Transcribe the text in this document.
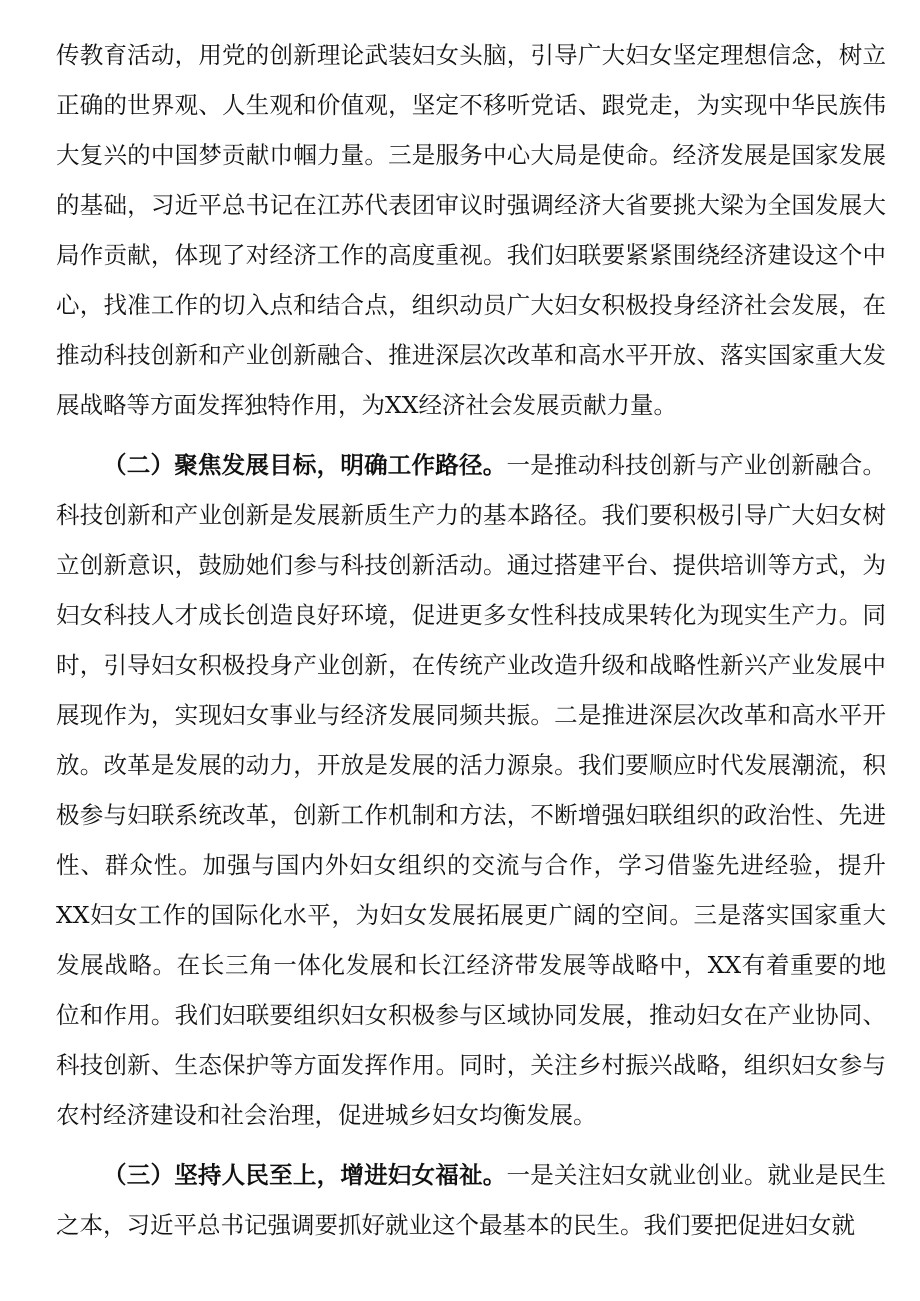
传教育活动，用党的创新理论武装妇女头脑，引导广大妇女坚定理想信念，树立正确的世界观、人生观和价值观，坚定不移听党话、跟党走，为实现中华民族伟大复兴的中国梦贡献巾帼力量。三是服务中心大局是使命。经济发展是国家发展的基础，习近平总书记在江苏代表团审议时强调经济大省要挑大梁为全国发展大局作贡献，体现了对经济工作的高度重视。我们妇联要紧紧围绕经济建设这个中心，找准工作的切入点和结合点，组织动员广大妇女积极投身经济社会发展，在推动科技创新和产业创新融合、推进深层次改革和高水平开放、落实国家重大发展战略等方面发挥独特作用，为XX经济社会发展贡献力量。

（二）聚焦发展目标，明确工作路径。一是推动科技创新与产业创新融合。科技创新和产业创新是发展新质生产力的基本路径。我们要积极引导广大妇女树立创新意识，鼓励她们参与科技创新活动。通过搭建平台、提供培训等方式，为妇女科技人才成长创造良好环境，促进更多女性科技成果转化为现实生产力。同时，引导妇女积极投身产业创新，在传统产业改造升级和战略性新兴产业发展中展现作为，实现妇女事业与经济发展同频共振。二是推进深层次改革和高水平开放。改革是发展的动力，开放是发展的活力源泉。我们要顺应时代发展潮流，积极参与妇联系统改革，创新工作机制和方法，不断增强妇联组织的政治性、先进性、群众性。加强与国内外妇女组织的交流与合作，学习借鉴先进经验，提升XX妇女工作的国际化水平，为妇女发展拓展更广阔的空间。三是落实国家重大发展战略。在长三角一体化发展和长江经济带发展等战略中，XX有着重要的地位和作用。我们妇联要组织妇女积极参与区域协同发展，推动妇女在产业协同、科技创新、生态保护等方面发挥作用。同时，关注乡村振兴战略，组织妇女参与农村经济建设和社会治理，促进城乡妇女均衡发展。

（三）坚持人民至上，增进妇女福祉。一是关注妇女就业创业。就业是民生之本，习近平总书记强调要抓好就业这个最基本的民生。我们要把促进妇女就
